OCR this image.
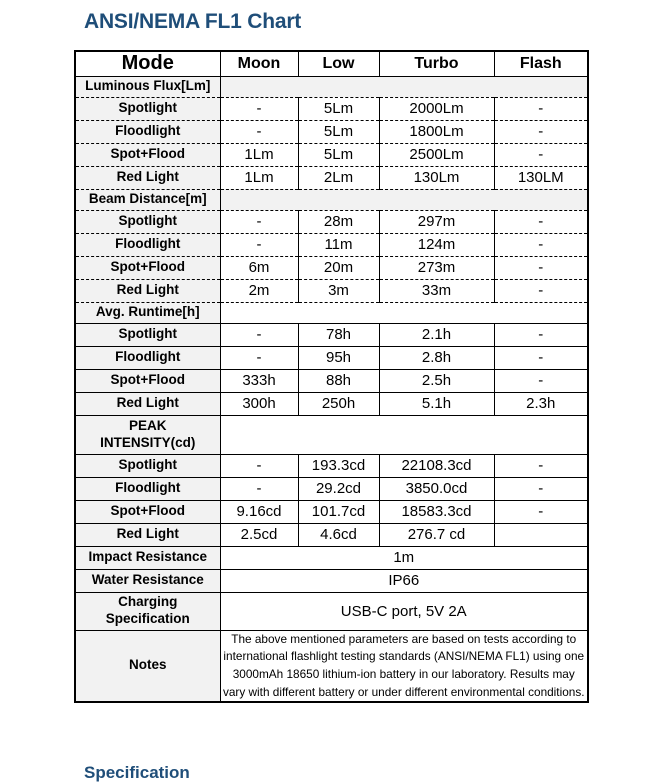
ANSI/NEMA FL1 Chart
Mode	Moon	Low	Turbo	Flash
Luminous Flux[Lm]				
Spotlight	-	5Lm	2000Lm	-
Floodlight	-	5Lm	1800Lm	-
Spot+Flood	1Lm	5Lm	2500Lm	-
Red Light	1Lm	2Lm	130Lm	130LM
Beam Distance[m]				
Spotlight	-	28m	297m	-
Floodlight	-	11m	124m	-
Spot+Flood	6m	20m	273m	-
Red Light	2m	3m	33m	-
Avg. Runtime[h]				
Spotlight	-	78h	2.1h	-
Floodlight	-	95h	2.8h	-
Spot+Flood	333h	88h	2.5h	-
Red Light	300h	250h	5.1h	2.3h
PEAK
INTENSITY(cd)				
Spotlight	-	193.3cd	22108.3cd	-
Floodlight	-	29.2cd	3850.0cd	-
Spot+Flood	9.16cd	101.7cd	18583.3cd	-
Red Light	2.5cd	4.6cd	276.7 cd	
Impact Resistance	1m			
Water Resistance	IP66			
Charging
Specification	USB-C port, 5V 2A			
Notes	The above mentioned parameters are based on tests according to international flashlight testing standards (ANSI/NEMA FL1) using one 3000mAh 18650 lithium-ion battery in our laboratory. Results may vary with different battery or under different environmental conditions.			
Specification
